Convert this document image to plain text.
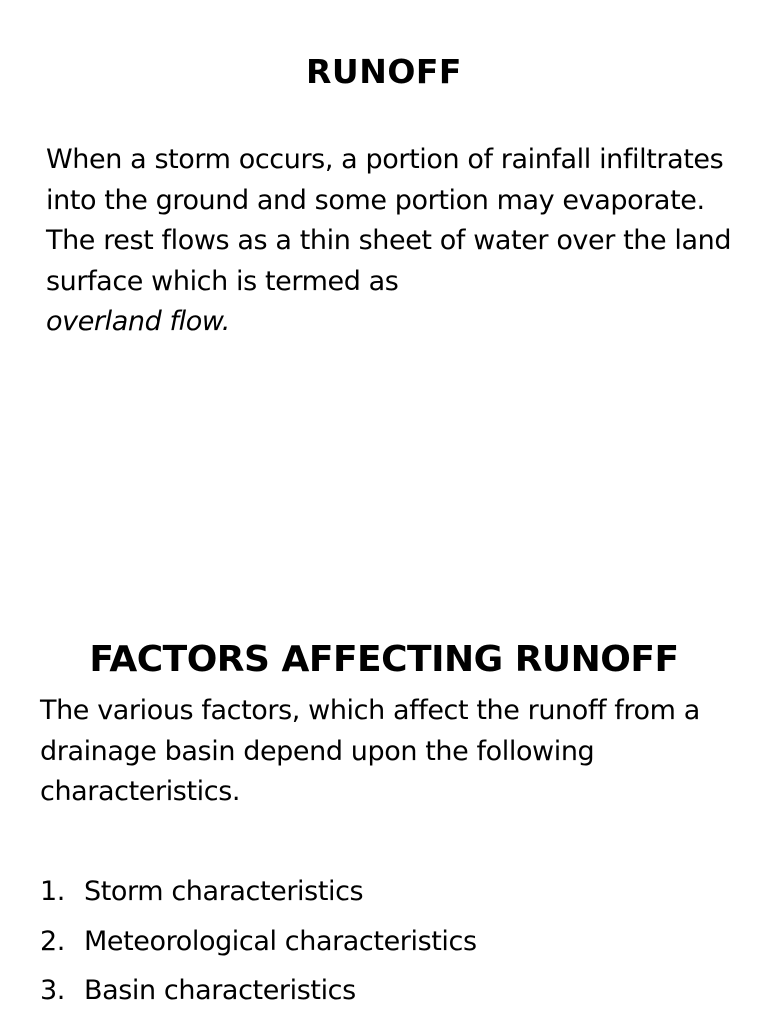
RUNOFF

When a storm occurs, a portion of rainfall infiltrates into the ground and some portion may evaporate. The rest flows as a thin sheet of water over the land surface which is termed as
overland flow.

FACTORS AFFECTING RUNOFF

The various factors, which affect the runoff from a drainage basin depend upon the following characteristics.

1. Storm characteristics
2. Meteorological characteristics
3. Basin characteristics
